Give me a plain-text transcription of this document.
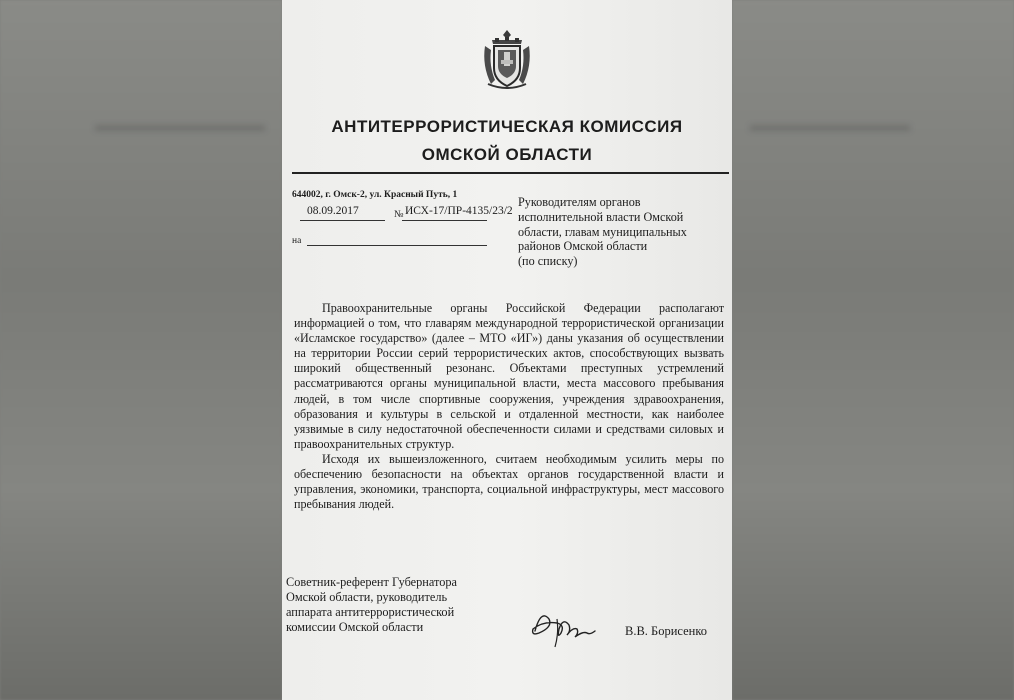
АНТИТЕРРОРИСТИЧЕСКАЯ КОМИССИЯ
ОМСКОЙ ОБЛАСТИ
644002, г. Омск-2, ул. Красный Путь, 1
08.09.2017	№ ИСХ-17/ПР-4135/23/2
на
Руководителям органов
исполнительной власти Омской
области, главам муниципальных
районов Омской области
(по списку)

Правоохранительные органы Российской Федерации располагают информацией о том, что главарям международной террористической организации «Исламское государство» (далее – МТО «ИГ») даны указания об осуществлении на территории России серий террористических актов, способствующих вызвать широкий общественный резонанс. Объектами преступных устремлений рассматриваются органы муниципальной власти, места массового пребывания людей, в том числе спортивные сооружения, учреждения здравоохранения, образования и культуры в сельской и отдаленной местности, как наиболее уязвимые в силу недостаточной обеспеченности силами и средствами силовых и правоохранительных структур.

Исходя их вышеизложенного, считаем необходимым усилить меры по обеспечению безопасности на объектах органов государственной власти и управления, экономики, транспорта, социальной инфраструктуры, мест массового пребывания людей.

Советник-референт Губернатора
Омской области, руководитель
аппарата антитеррористической
комиссии Омской области	В.В. Борисенко
